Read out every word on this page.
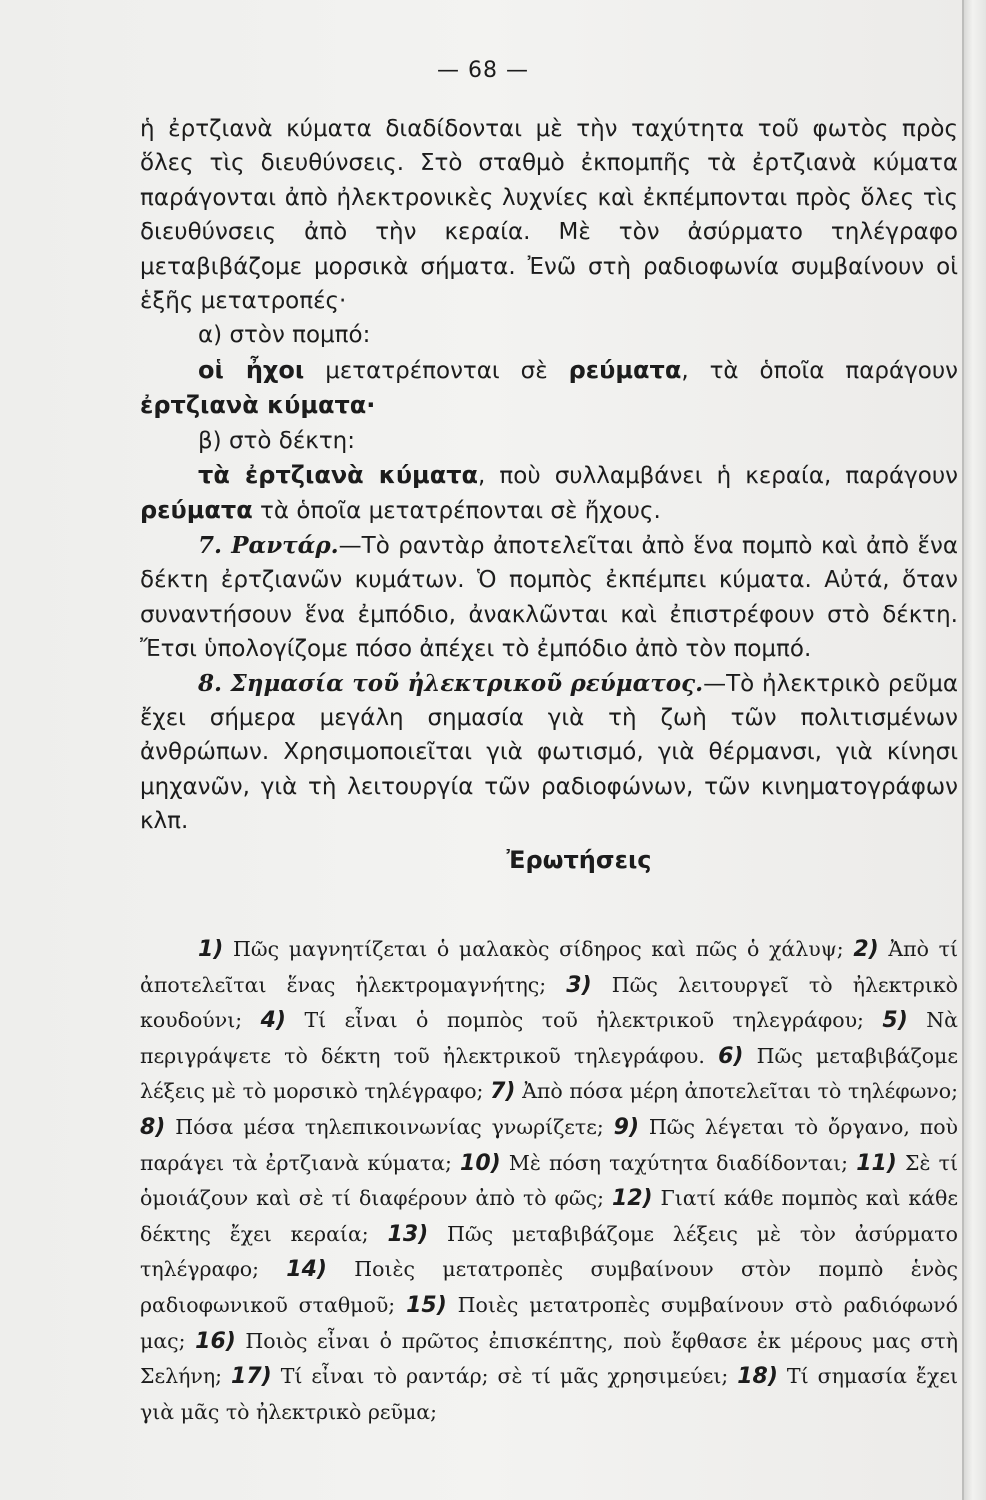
— 68 —

ἡ ἐρτζιανὰ κύματα διαδίδονται μὲ τὴν ταχύτητα τοῦ φωτὸς πρὸς ὅλες τὶς διευθύνσεις. Στὸ σταθμὸ ἐκπομπῆς τὰ ἐρτζιανὰ κύματα παράγονται ἀπὸ ἠλεκτρονικὲς λυχνίες καὶ ἐκπέμπονται πρὸς ὅλες τὶς διευθύνσεις ἀπὸ τὴν κεραία. Μὲ τὸν ἀσύρματο τηλέγραφο μεταβιβάζομε μορσικὰ σήματα. Ἐνῶ στὴ ραδιοφωνία συμβαίνουν οἱ ἑξῆς μετατροπές·

α) στὸν πομπό:

οἱ ἦχοι μετατρέπονται σὲ ρεύματα, τὰ ὁποῖα παράγουν ἐρτζιανὰ κύματα·

β) στὸ δέκτη:

τὰ ἐρτζιανὰ κύματα, ποὺ συλλαμβάνει ἡ κεραία, παράγουν ρεύματα τὰ ὁποῖα μετατρέπονται σὲ ἤχους.

7. Ραντάρ.—Τὸ ραντὰρ ἀποτελεῖται ἀπὸ ἕνα πομπὸ καὶ ἀπὸ ἕνα δέκτη ἐρτζιανῶν κυμάτων. Ὁ πομπὸς ἐκπέμπει κύματα. Αὐτά, ὅταν συναντήσουν ἕνα ἐμπόδιο, ἀνακλῶνται καὶ ἐπιστρέφουν στὸ δέκτη. Ἔτσι ὑπολογίζομε πόσο ἀπέχει τὸ ἐμπόδιο ἀπὸ τὸν πομπό.

8. Σημασία τοῦ ἠλεκτρικοῦ ρεύματος.—Τὸ ἠλεκτρικὸ ρεῦμα ἔχει σήμερα μεγάλη σημασία γιὰ τὴ ζωὴ τῶν πολιτισμένων ἀνθρώπων. Χρησιμοποιεῖται γιὰ φωτισμό, γιὰ θέρμανσι, γιὰ κίνησι μηχανῶν, γιὰ τὴ λειτουργία τῶν ραδιοφώνων, τῶν κινηματογράφων κλπ.

Ἐρωτήσεις

1) Πῶς μαγνητίζεται ὁ μαλακὸς σίδηρος καὶ πῶς ὁ χάλυψ; 2) Ἀπὸ τί ἀποτελεῖται ἕνας ἠλεκτρομαγνήτης; 3) Πῶς λειτουργεῖ τὸ ἠλεκτρικὸ κουδούνι; 4) Τί εἶναι ὁ πομπὸς τοῦ ἠλεκτρικοῦ τηλεγράφου; 5) Νὰ περιγράψετε τὸ δέκτη τοῦ ἠλεκτρικοῦ τηλεγράφου. 6) Πῶς μεταβιβάζομε λέξεις μὲ τὸ μορσικὸ τηλέγραφο; 7) Ἀπὸ πόσα μέρη ἀποτελεῖται τὸ τηλέφωνο; 8) Πόσα μέσα τηλεπικοινωνίας γνωρίζετε; 9) Πῶς λέγεται τὸ ὄργανο, ποὺ παράγει τὰ ἐρτζιανὰ κύματα; 10) Μὲ πόση ταχύτητα διαδίδονται; 11) Σὲ τί ὁμοιάζουν καὶ σὲ τί διαφέρουν ἀπὸ τὸ φῶς; 12) Γιατί κάθε πομπὸς καὶ κάθε δέκτης ἔχει κεραία; 13) Πῶς μεταβιβάζομε λέξεις μὲ τὸν ἀσύρματο τηλέγραφο; 14) Ποιὲς μετατροπὲς συμβαίνουν στὸν πομπὸ ἑνὸς ραδιοφωνικοῦ σταθμοῦ; 15) Ποιὲς μετατροπὲς συμβαίνουν στὸ ραδιόφωνό μας; 16) Ποιὸς εἶναι ὁ πρῶτος ἐπισκέπτης, ποὺ ἔφθασε ἐκ μέρους μας στὴ Σελήνη; 17) Τί εἶναι τὸ ραντάρ; σὲ τί μᾶς χρησιμεύει; 18) Τί σημασία ἔχει γιὰ μᾶς τὸ ἠλεκτρικὸ ρεῦμα;
